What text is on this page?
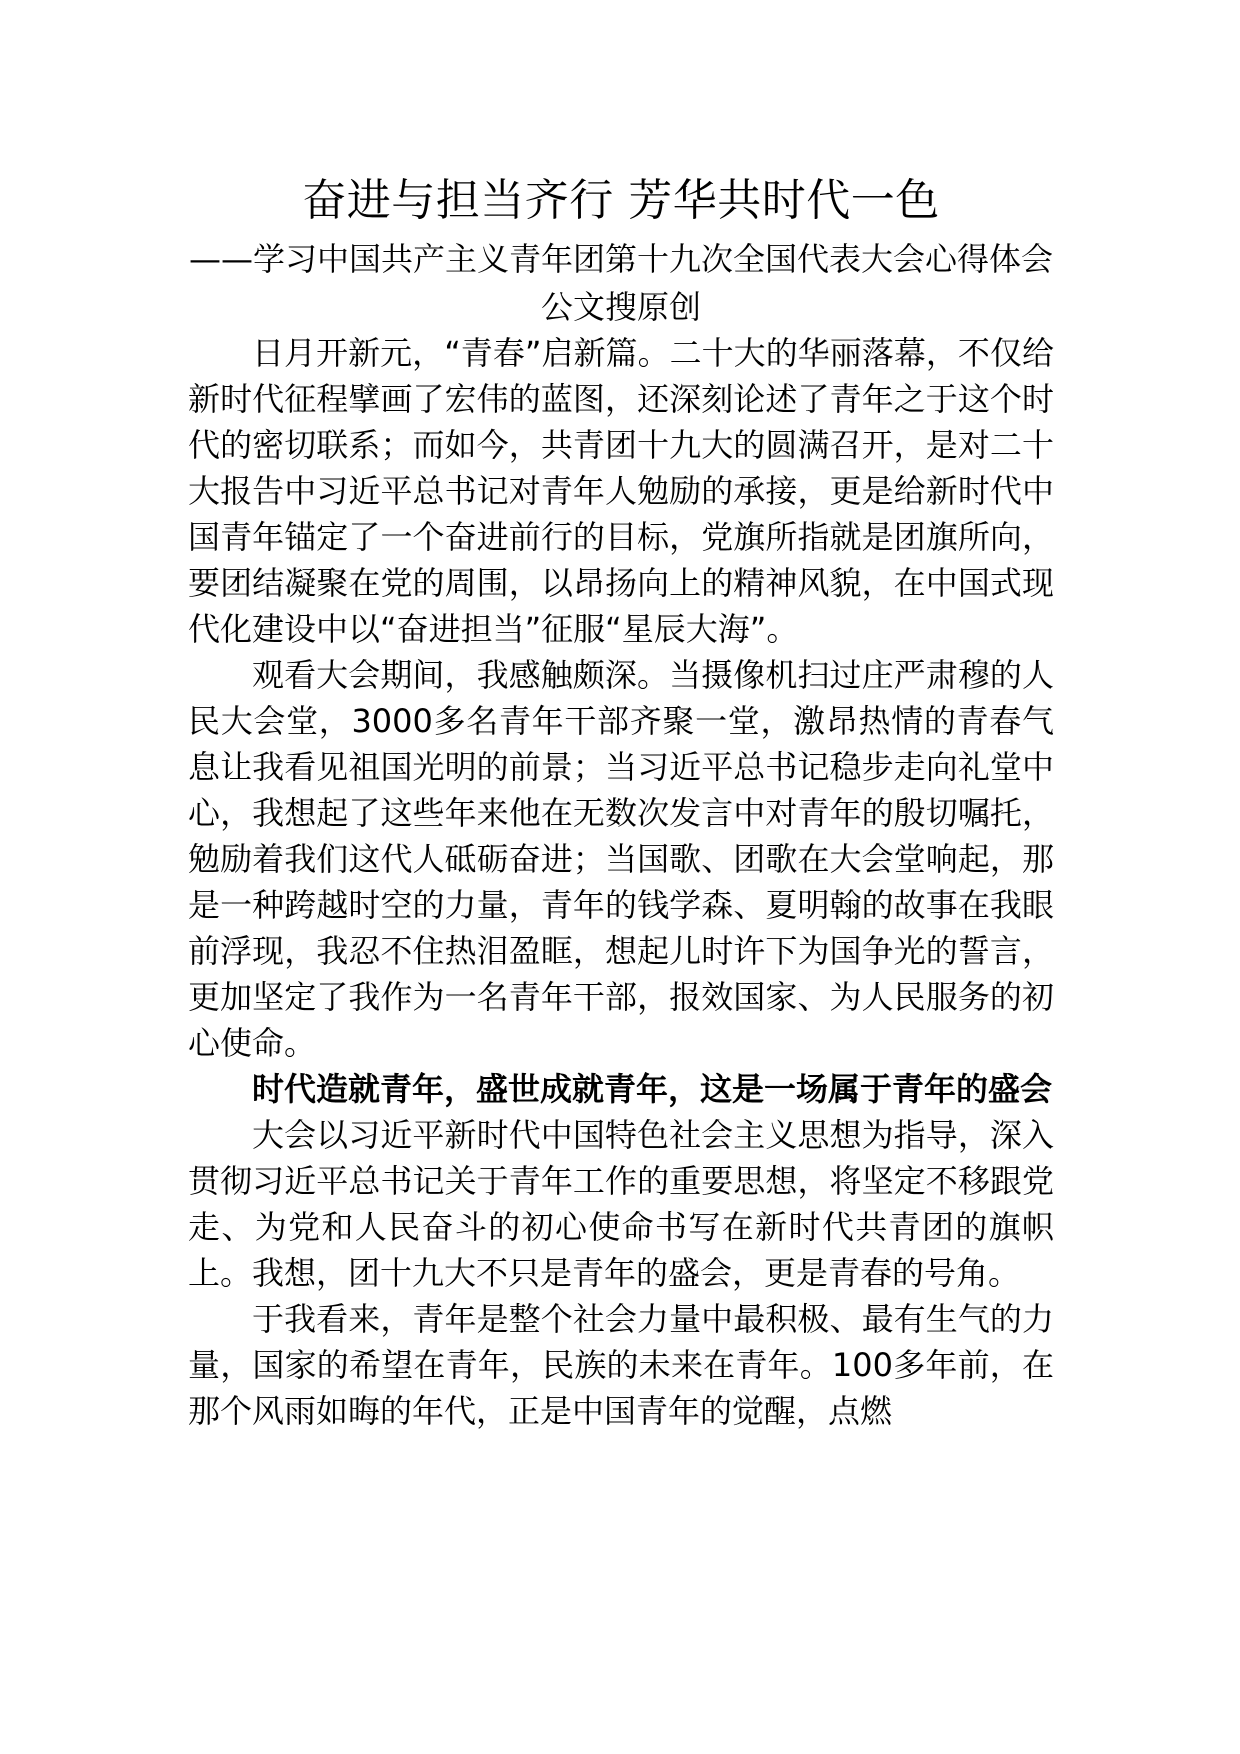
奋进与担当齐行 芳华共时代一色
——学习中国共产主义青年团第十九次全国代表大会心得体会
公文搜原创

日月开新元，“青春”启新篇。二十大的华丽落幕，不仅给新时代征程擘画了宏伟的蓝图，还深刻论述了青年之于这个时代的密切联系；而如今，共青团十九大的圆满召开，是对二十大报告中习近平总书记对青年人勉励的承接，更是给新时代中国青年锚定了一个奋进前行的目标，党旗所指就是团旗所向，要团结凝聚在党的周围，以昂扬向上的精神风貌，在中国式现代化建设中以“奋进担当”征服“星辰大海”。

观看大会期间，我感触颇深。当摄像机扫过庄严肃穆的人民大会堂，3000多名青年干部齐聚一堂，激昂热情的青春气息让我看见祖国光明的前景；当习近平总书记稳步走向礼堂中心，我想起了这些年来他在无数次发言中对青年的殷切嘱托，勉励着我们这代人砥砺奋进；当国歌、团歌在大会堂响起，那是一种跨越时空的力量，青年的钱学森、夏明翰的故事在我眼前浮现，我忍不住热泪盈眶，想起儿时许下为国争光的誓言，更加坚定了我作为一名青年干部，报效国家、为人民服务的初心使命。

时代造就青年，盛世成就青年，这是一场属于青年的盛会

大会以习近平新时代中国特色社会主义思想为指导，深入贯彻习近平总书记关于青年工作的重要思想，将坚定不移跟党走、为党和人民奋斗的初心使命书写在新时代共青团的旗帜上。我想，团十九大不只是青年的盛会，更是青春的号角。

于我看来，青年是整个社会力量中最积极、最有生气的力量，国家的希望在青年，民族的未来在青年。100多年前，在那个风雨如晦的年代，正是中国青年的觉醒，点燃
